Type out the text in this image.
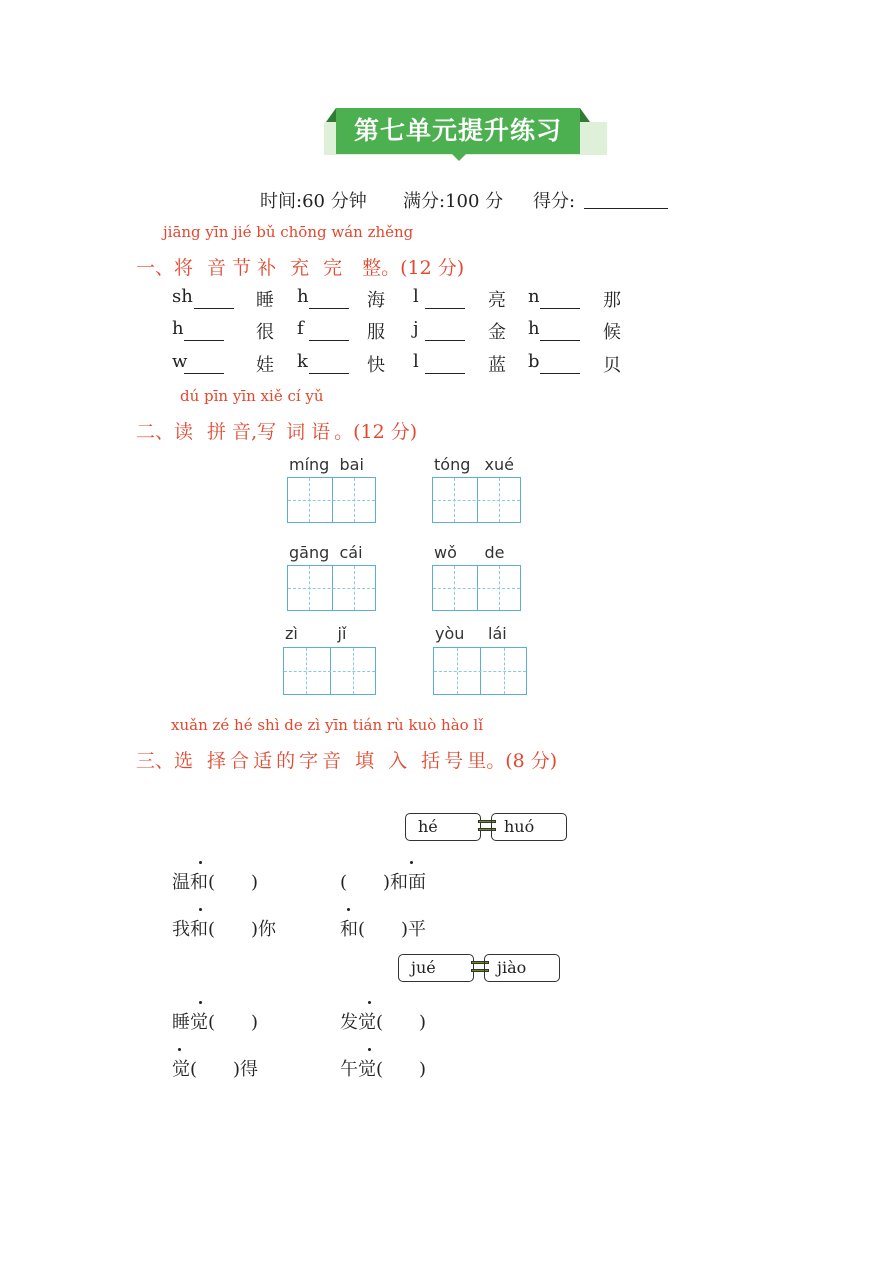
第七单元提升练习
时间:60 分钟 满分:100 分 得分:
jiāng yīn jié bǔ chōng wán zhěng
一、将 音 节 补 充 完 整。(12 分)
sh	睡 h	海 l	亮 n	那
h	很 f	服 j	金 h	候
w	娃 k	快 l	蓝 b	贝
dú pīn yīn xiě cí yǔ
二、读 拼 音,写 词 语 。(12 分)
míng bai	tóng xué
gāng cái	wǒ de
zì jǐ	yòu lái
xuǎn zé hé shì de zì yīn tián rù kuò hào lǐ
三、选 择 合 适 的 字 音 填 入 括 号 里。(8 分)
hé	huó
温和(　　)	(　　)和面
我和(　　)你	和(　　)平
jué	jiào
睡觉(　　)	发觉(　　)
觉(　　)得	午觉(　　)
